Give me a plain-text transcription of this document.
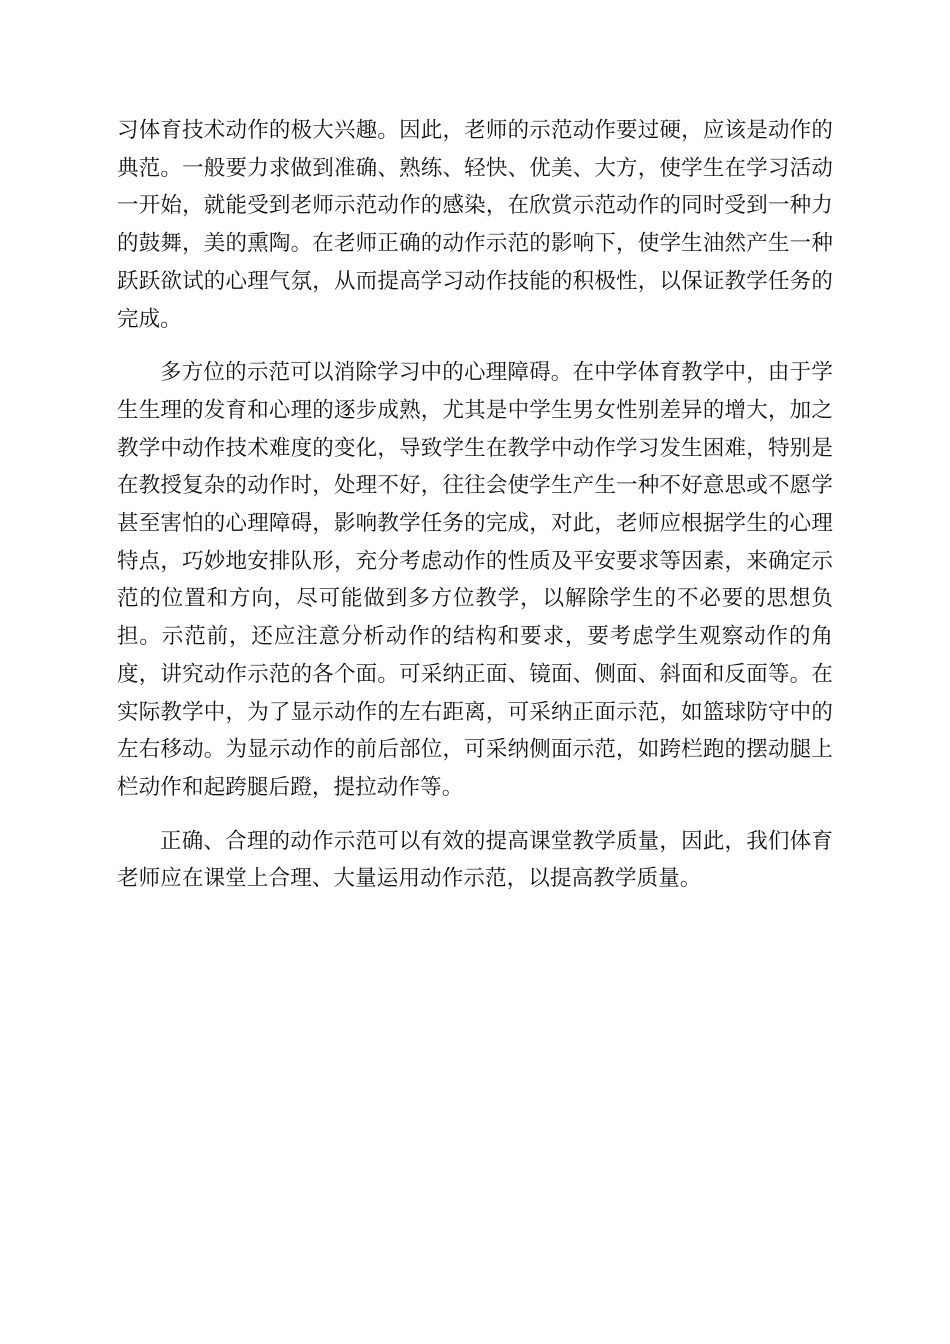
习体育技术动作的极大兴趣。因此，老师的示范动作要过硬，应该是动作的典范。一般要力求做到准确、熟练、轻快、优美、大方，使学生在学习活动一开始，就能受到老师示范动作的感染，在欣赏示范动作的同时受到一种力的鼓舞，美的熏陶。在老师正确的动作示范的影响下，使学生油然产生一种跃跃欲试的心理气氛，从而提高学习动作技能的积极性，以保证教学任务的完成。

多方位的示范可以消除学习中的心理障碍。在中学体育教学中，由于学生生理的发育和心理的逐步成熟，尤其是中学生男女性别差异的增大，加之教学中动作技术难度的变化，导致学生在教学中动作学习发生困难，特别是在教授复杂的动作时，处理不好，往往会使学生产生一种不好意思或不愿学甚至害怕的心理障碍，影响教学任务的完成，对此，老师应根据学生的心理特点，巧妙地安排队形，充分考虑动作的性质及平安要求等因素，来确定示范的位置和方向，尽可能做到多方位教学，以解除学生的不必要的思想负担。示范前，还应注意分析动作的结构和要求，要考虑学生观察动作的角度，讲究动作示范的各个面。可采纳正面、镜面、侧面、斜面和反面等。在实际教学中，为了显示动作的左右距离，可采纳正面示范，如篮球防守中的左右移动。为显示动作的前后部位，可采纳侧面示范，如跨栏跑的摆动腿上栏动作和起跨腿后蹬，提拉动作等。

正确、合理的动作示范可以有效的提高课堂教学质量，因此，我们体育老师应在课堂上合理、大量运用动作示范，以提高教学质量。
